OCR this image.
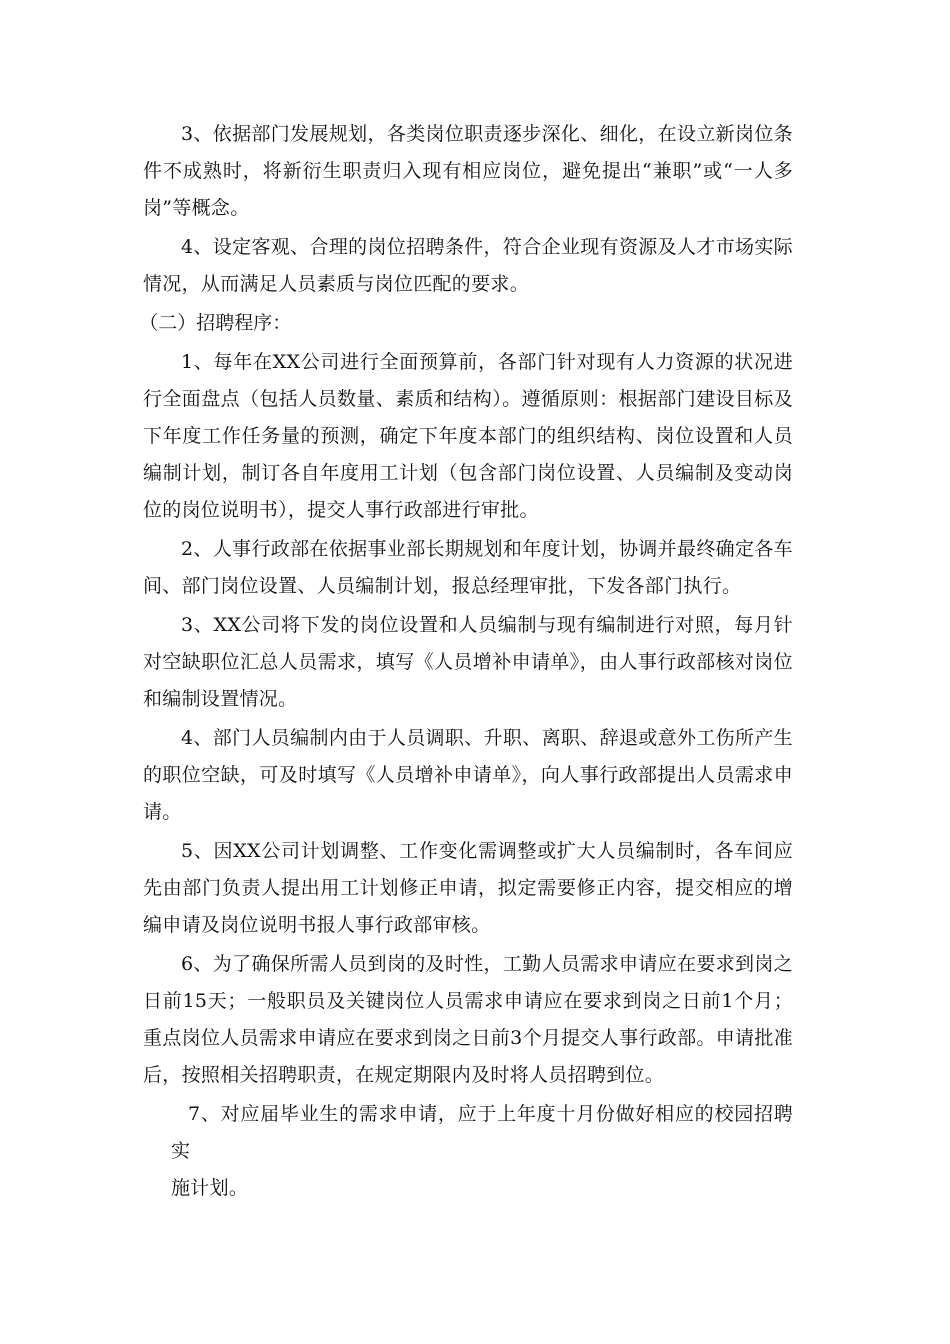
3、依据部门发展规划，各类岗位职责逐步深化、细化，在设立新岗位条件不成熟时，将新衍生职责归入现有相应岗位，避免提出“兼职”或“一人多岗”等概念。

4、设定客观、合理的岗位招聘条件，符合企业现有资源及人才市场实际情况，从而满足人员素质与岗位匹配的要求。

（二）招聘程序：

1、每年在XX公司进行全面预算前，各部门针对现有人力资源的状况进行全面盘点（包括人员数量、素质和结构）。遵循原则：根据部门建设目标及下年度工作任务量的预测，确定下年度本部门的组织结构、岗位设置和人员编制计划，制订各自年度用工计划（包含部门岗位设置、人员编制及变动岗位的岗位说明书），提交人事行政部进行审批。

2、人事行政部在依据事业部长期规划和年度计划，协调并最终确定各车间、部门岗位设置、人员编制计划，报总经理审批，下发各部门执行。

3、XX公司将下发的岗位设置和人员编制与现有编制进行对照，每月针对空缺职位汇总人员需求，填写《人员增补申请单》，由人事行政部核对岗位和编制设置情况。

4、部门人员编制内由于人员调职、升职、离职、辞退或意外工伤所产生的职位空缺，可及时填写《人员增补申请单》，向人事行政部提出人员需求申请。

5、因XX公司计划调整、工作变化需调整或扩大人员编制时，各车间应先由部门负责人提出用工计划修正申请，拟定需要修正内容，提交相应的增编申请及岗位说明书报人事行政部审核。

6、为了确保所需人员到岗的及时性，工勤人员需求申请应在要求到岗之日前15天；一般职员及关键岗位人员需求申请应在要求到岗之日前1个月；重点岗位人员需求申请应在要求到岗之日前3个月提交人事行政部。申请批准后，按照相关招聘职责，在规定期限内及时将人员招聘到位。

7、对应届毕业生的需求申请，应于上年度十月份做好相应的校园招聘实
施计划。
